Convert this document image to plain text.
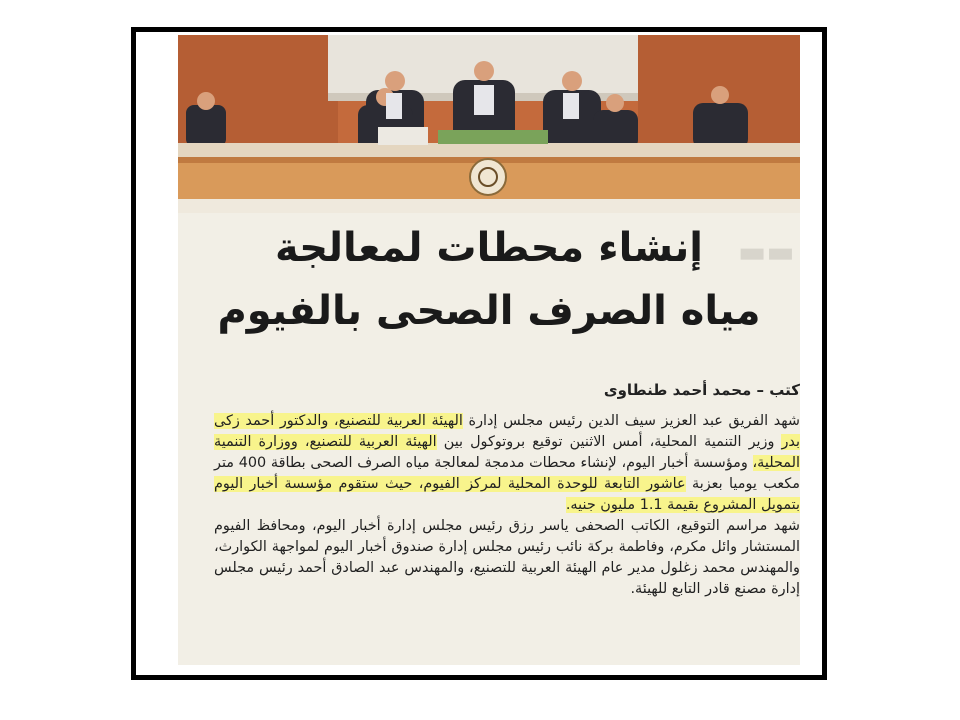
▬▬
إنشاء محطات لمعالجة
مياه الصرف الصحى بالفيوم
كتب – محمد أحمد طنطاوى

شهد الفريق عبد العزيز سيف الدين رئيس مجلس إدارة الهيئة العربية للتصنيع، والدكتور أحمد زكى بدر وزير التنمية المحلية، أمس الاثنين توقيع بروتوكول بين الهيئة العربية للتصنيع، ووزارة التنمية المحلية، ومؤسسة أخبار اليوم، لإنشاء محطات مدمجة لمعالجة مياه الصرف الصحى بطاقة 400 متر مكعب يوميا بعزبة عاشور التابعة للوحدة المحلية لمركز الفيوم، حيث ستقوم مؤسسة أخبار اليوم بتمويل المشروع بقيمة 1.1 مليون جنيه.

شهد مراسم التوقيع، الكاتب الصحفى ياسر رزق رئيس مجلس إدارة أخبار اليوم، ومحافظ الفيوم المستشار وائل مكرم، وفاطمة بركة نائب رئيس مجلس إدارة صندوق أخبار اليوم لمواجهة الكوارث، والمهندس محمد زغلول مدير عام الهيئة العربية للتصنيع، والمهندس عبد الصادق أحمد رئيس مجلس إدارة مصنع قادر التابع للهيئة.
